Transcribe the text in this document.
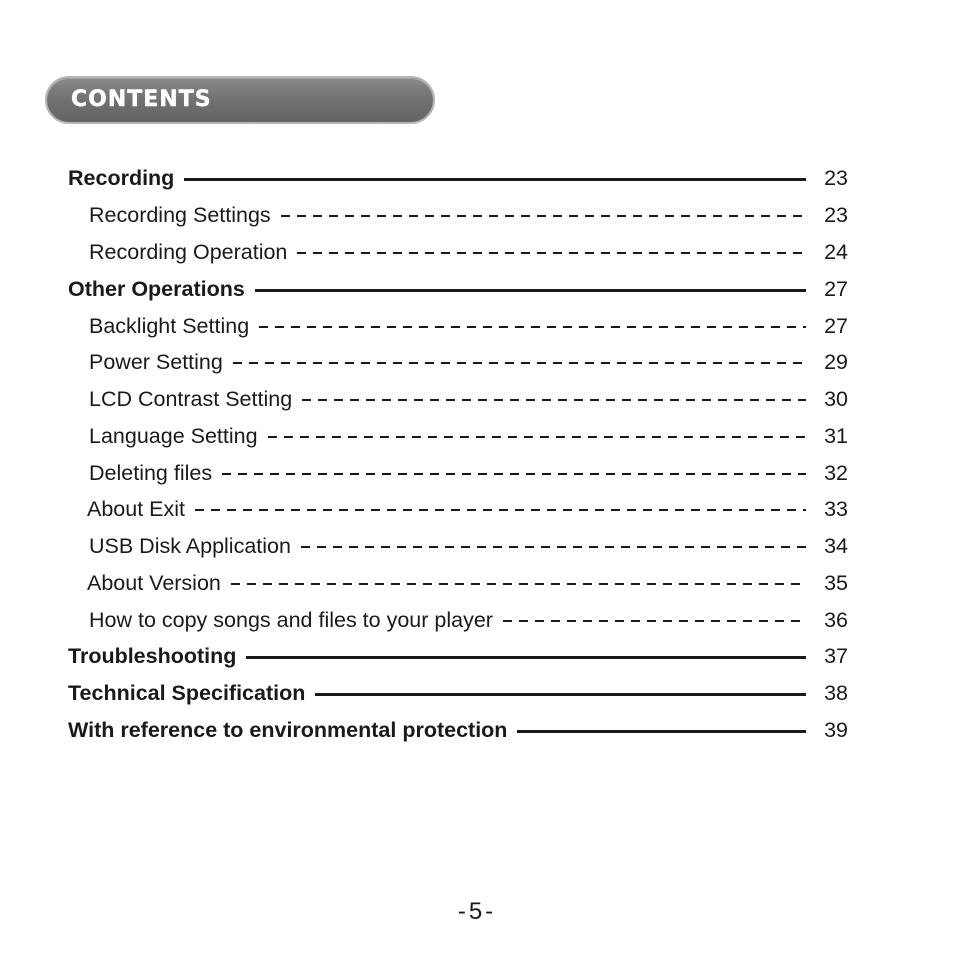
CONTENTS
Recording	23
Recording Settings	23
Recording Operation	24
Other Operations	27
Backlight Setting	27
Power Setting	29
LCD Contrast Setting	30
Language Setting	31
Deleting files	32
About Exit	33
USB Disk Application	34
About Version	35
How to copy songs and files to your player	36
Troubleshooting	37
Technical Specification	38
With reference to environmental protection	39
-5-
